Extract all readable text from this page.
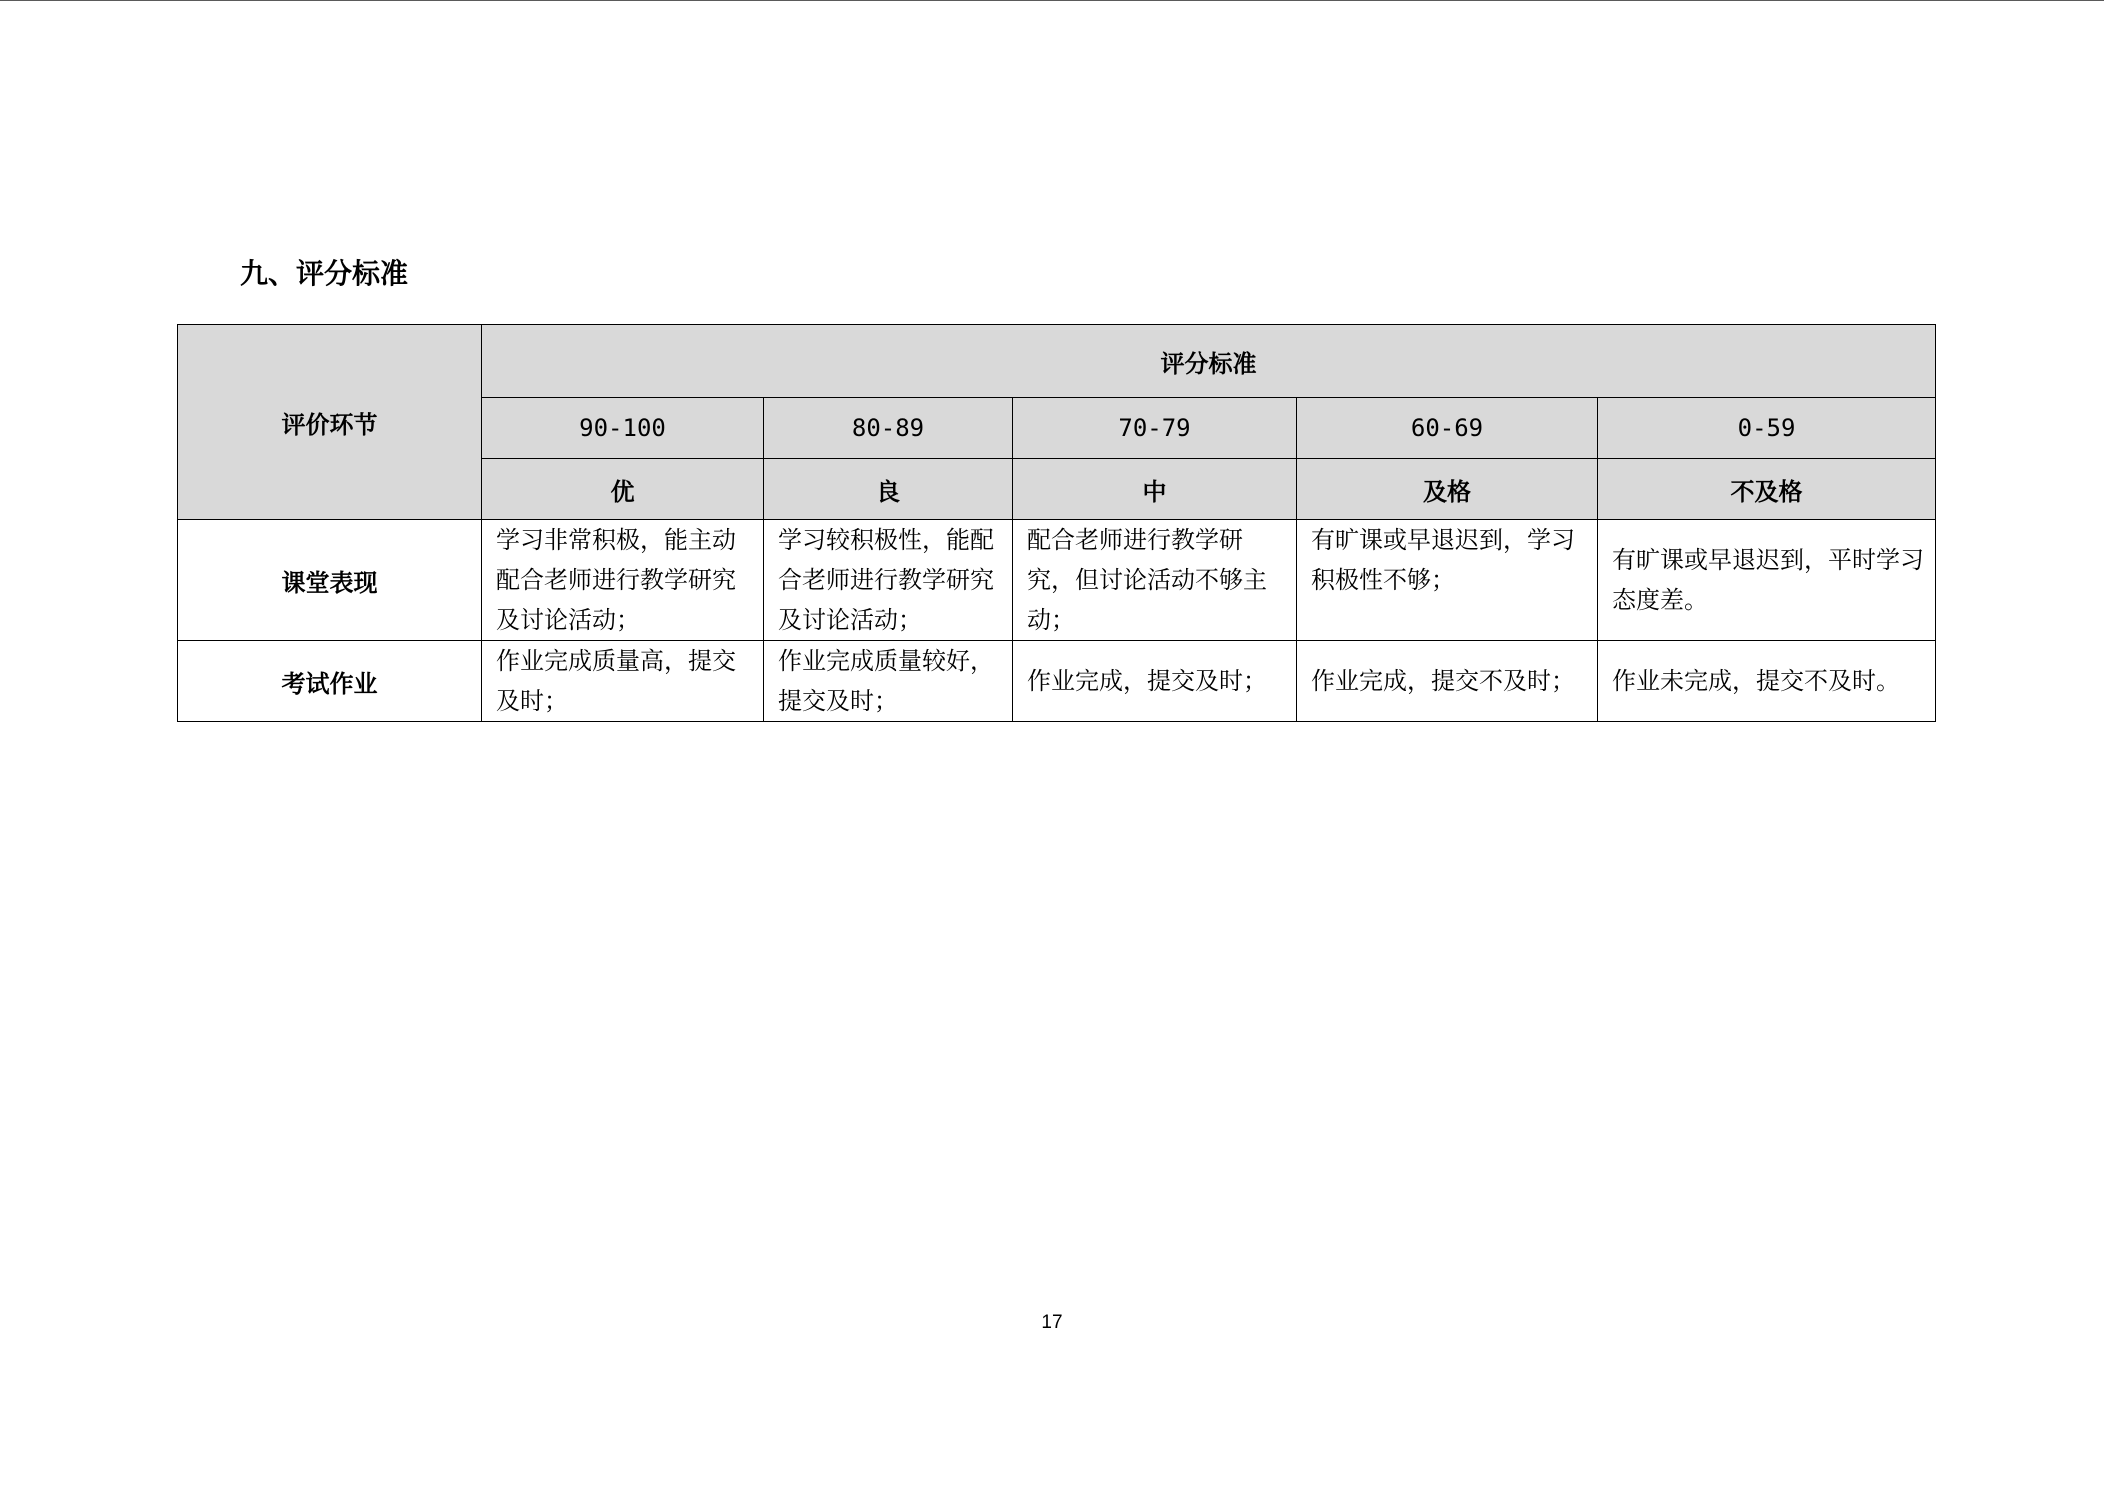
九、评分标准
评价环节	评分标准				
	90-100	80-89	70-79	60-69	0-59
	优	良	中	及格	不及格
课堂表现	学习非常积极，能主动配合老师进行教学研究及讨论活动；	学习较积极性，能配合老师进行教学研究及讨论活动；	配合老师进行教学研究，但讨论活动不够主动；	有旷课或早退迟到，学习积极性不够；	有旷课或早退迟到，平时学习态度差。
考试作业	作业完成质量高，提交及时；	作业完成质量较好，提交及时；	作业完成，提交及时；	作业完成，提交不及时；	作业未完成，提交不及时。
17
